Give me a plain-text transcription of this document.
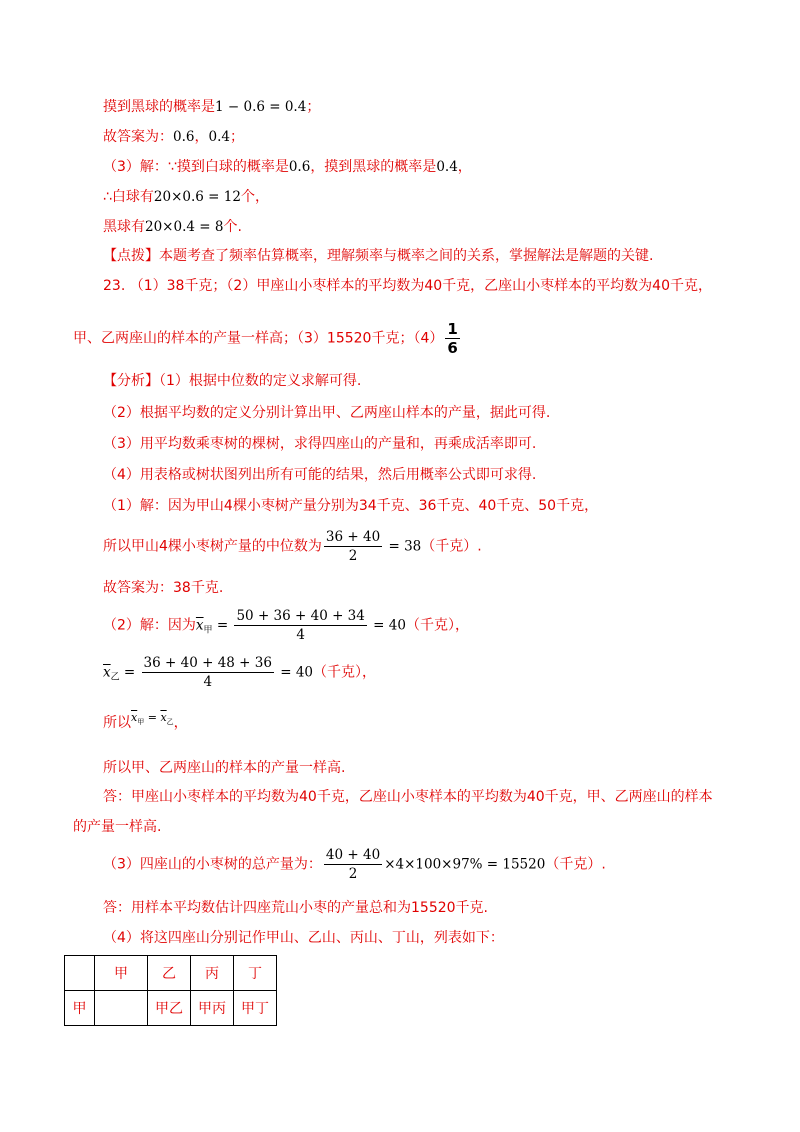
摸到黑球的概率是1 − 0.6 = 0.4；
故答案为：0.6，0.4；
（3）解：∵摸到白球的概率是0.6，摸到黑球的概率是0.4，
∴白球有20×0.6 = 12个，
黑球有20×0.4 = 8个.
【点拨】本题考查了频率估算概率，理解频率与概率之间的关系，掌握解法是解题的关键.
23. （1）38千克；（2）甲座山小枣样本的平均数为40千克，乙座山小枣样本的平均数为40千克，
甲、乙两座山的样本的产量一样高；（3）15520千克；$(4) \frac{1}{6}$
【分析】（1）根据中位数的定义求解可得.
（2）根据平均数的定义分别计算出甲、乙两座山样本的产量，据此可得.
（3）用平均数乘枣树的棵树，求得四座山的产量和，再乘成活率即可.
（4）用表格或树状图列出所有可能的结果，然后用概率公式即可求得.
（1）解：因为甲山4棵小枣树产量分别为34千克、36千克、40千克、50千克，
所以甲山4棵小枣树产量的中位数为 $\frac{36 + 40}{2} = 38$（千克）.
故答案为：38千克.
（2）解：因为$\overline{x}_甲 = \frac{50 + 36 + 40 + 34}{4} = 40$（千克），
$\overline{x}_乙 = \frac{36 + 40 + 48 + 36}{4} = 40$（千克），
所以$\overline{x}_甲 = \overline{x}_乙$，
所以甲、乙两座山的样本的产量一样高.
答：甲座山小枣样本的平均数为40千克，乙座山小枣样本的平均数为40千克，甲、乙两座山的样本
的产量一样高.
（3）四座山的小枣树的总产量为： $\frac{40 + 40}{2} \times 4\times 100\times 97\% = 15520$（千克）.
答：用样本平均数估计四座荒山小枣的产量总和为15520千克.
（4）将这四座山分别记作甲山、乙山、丙山、丁山，列表如下：
	甲	乙	丙	丁
甲		甲乙	甲丙	甲丁
